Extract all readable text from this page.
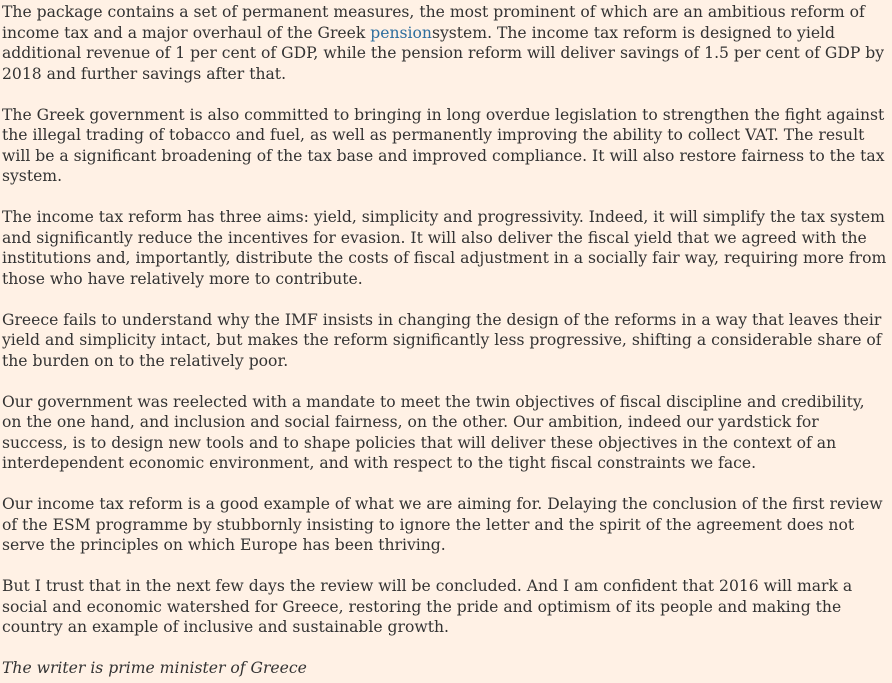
The package contains a set of permanent measures, the most prominent of which are an ambitious reform of income tax and a major overhaul of the Greek pensionsystem. The income tax reform is designed to yield additional revenue of 1 per cent of GDP, while the pension reform will deliver savings of 1.5 per cent of GDP by 2018 and further savings after that.

The Greek government is also committed to bringing in long overdue legislation to strengthen the fight against the illegal trading of tobacco and fuel, as well as permanently improving the ability to collect VAT. The result will be a significant broadening of the tax base and improved compliance. It will also restore fairness to the tax system.

The income tax reform has three aims: yield, simplicity and progressivity. Indeed, it will simplify the tax system and significantly reduce the incentives for evasion. It will also deliver the fiscal yield that we agreed with the institutions and, importantly, distribute the costs of fiscal adjustment in a socially fair way, requiring more from those who have relatively more to contribute.

Greece fails to understand why the IMF insists in changing the design of the reforms in a way that leaves their yield and simplicity intact, but makes the reform significantly less progressive, shifting a considerable share of the burden on to the relatively poor.

Our government was reelected with a mandate to meet the twin objectives of fiscal discipline and credibility, on the one hand, and inclusion and social fairness, on the other. Our ambition, indeed our yardstick for success, is to design new tools and to shape policies that will deliver these objectives in the context of an interdependent economic environment, and with respect to the tight fiscal constraints we face.

Our income tax reform is a good example of what we are aiming for. Delaying the conclusion of the first review of the ESM programme by stubbornly insisting to ignore the letter and the spirit of the agreement does not serve the principles on which Europe has been thriving.

But I trust that in the next few days the review will be concluded. And I am confident that 2016 will mark a social and economic watershed for Greece, restoring the pride and optimism of its people and making the country an example of inclusive and sustainable growth.

The writer is prime minister of Greece
